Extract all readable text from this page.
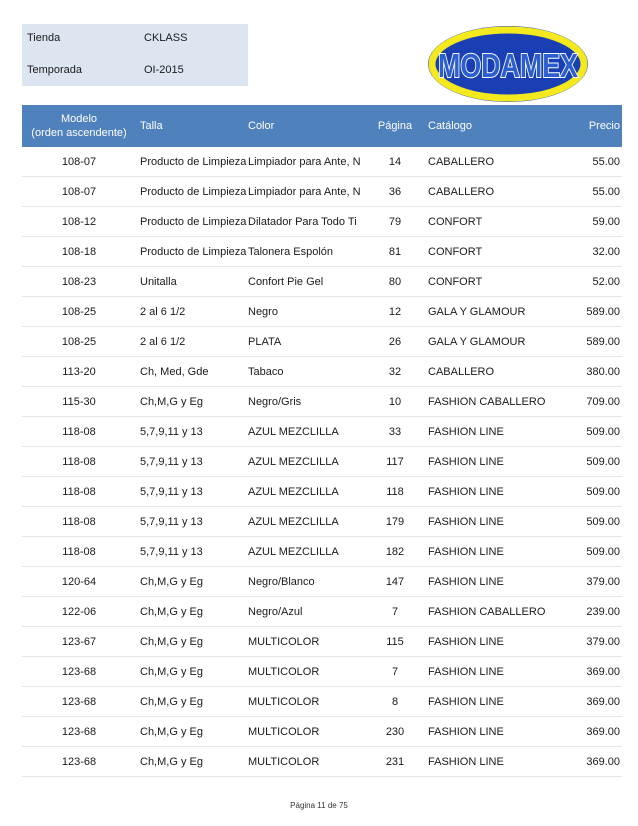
Tienda	CKLASS
Temporada	OI-2015	MODAMEX
Modelo
(orden ascendente)	Talla	Color	Página	Catálogo	Precio
108-07	Producto de Limpieza	Limpiador para Ante, N	14	CABALLERO	55.00
108-07	Producto de Limpieza	Limpiador para Ante, N	36	CABALLERO	55.00
108-12	Producto de Limpieza	Dilatador Para Todo Ti	79	CONFORT	59.00
108-18	Producto de Limpieza	Talonera Espolón	81	CONFORT	32.00
108-23	Unitalla	Confort Pie Gel	80	CONFORT	52.00
108-25	2 al 6 1/2	Negro	12	GALA Y GLAMOUR	589.00
108-25	2 al 6 1/2	PLATA	26	GALA Y GLAMOUR	589.00
113-20	Ch, Med, Gde	Tabaco	32	CABALLERO	380.00
115-30	Ch,M,G y Eg	Negro/Gris	10	FASHION CABALLERO	709.00
118-08	5,7,9,11 y 13	AZUL MEZCLILLA	33	FASHION LINE	509.00
118-08	5,7,9,11 y 13	AZUL MEZCLILLA	117	FASHION LINE	509.00
118-08	5,7,9,11 y 13	AZUL MEZCLILLA	118	FASHION LINE	509.00
118-08	5,7,9,11 y 13	AZUL MEZCLILLA	179	FASHION LINE	509.00
118-08	5,7,9,11 y 13	AZUL MEZCLILLA	182	FASHION LINE	509.00
120-64	Ch,M,G y Eg	Negro/Blanco	147	FASHION LINE	379.00
122-06	Ch,M,G y Eg	Negro/Azul	7	FASHION CABALLERO	239.00
123-67	Ch,M,G y Eg	MULTICOLOR	115	FASHION LINE	379.00
123-68	Ch,M,G y Eg	MULTICOLOR	7	FASHION LINE	369.00
123-68	Ch,M,G y Eg	MULTICOLOR	8	FASHION LINE	369.00
123-68	Ch,M,G y Eg	MULTICOLOR	230	FASHION LINE	369.00
123-68	Ch,M,G y Eg	MULTICOLOR	231	FASHION LINE	369.00
Página 11 de 75
